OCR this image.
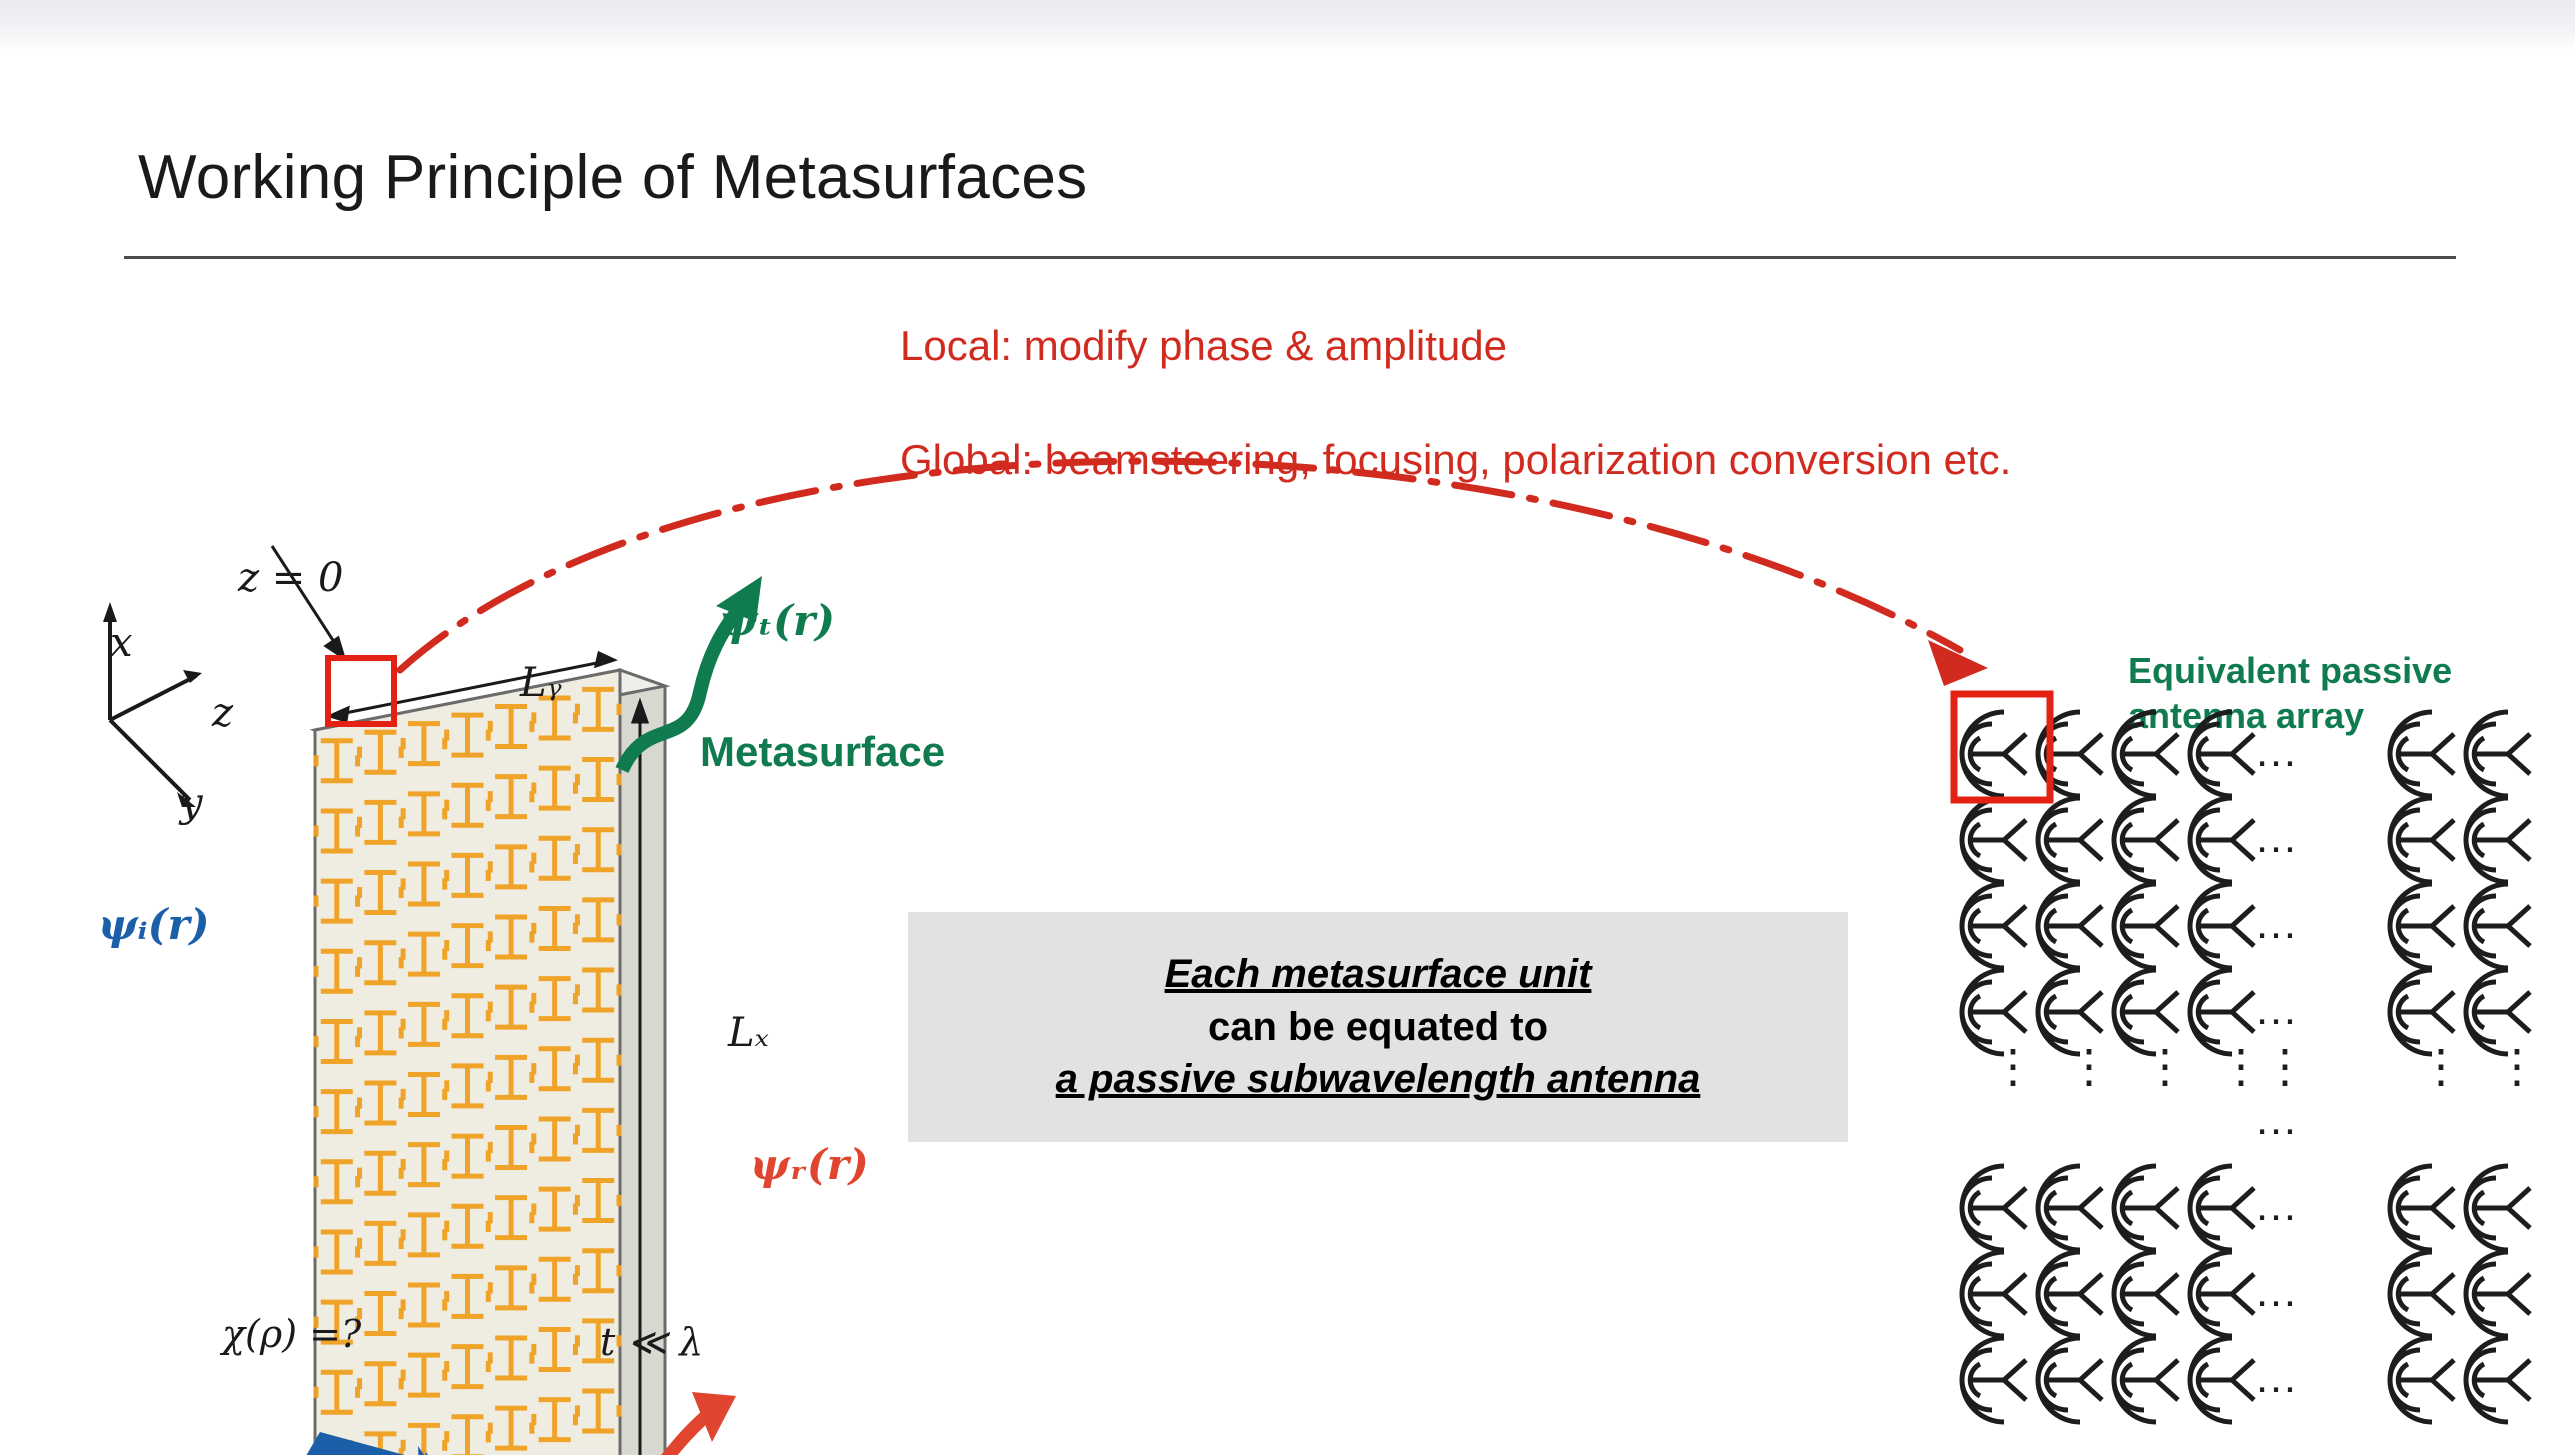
Working Principle of Metasurfaces
Local: modify phase & amplitude
Global: beamsteering, focusing, polarization conversion etc.
x
z
y
z = 0
Lᵧ
Lₓ
t ≪ λ
χ(ρ) =?
ψᵢ(r)
ψₜ(r)
ψᵣ(r)
Metasurface
Each metasurface unit
can be equated to
a passive subwavelength antenna
Equivalent passive
antenna array
…
…
…
…
…
…
…
…
⋮ ⋮ ⋮ ⋮	⋮ ⋮
⋮
